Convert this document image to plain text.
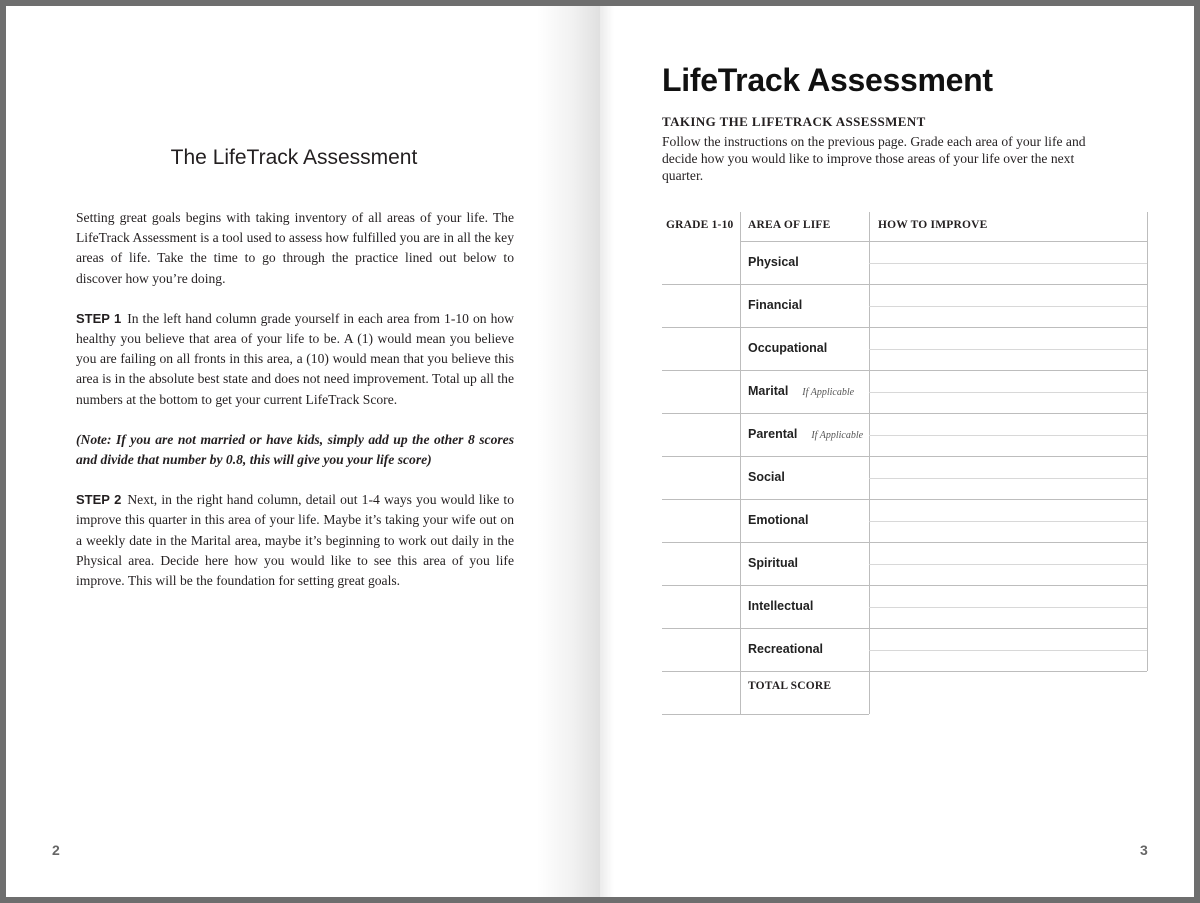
The LifeTrack Assessment

Setting great goals begins with taking inventory of all areas of your life. The LifeTrack Assessment is a tool used to assess how fulfilled you are in all the key areas of life. Take the time to go through the practice lined out below to discover how you’re doing.

STEP 1 In the left hand column grade yourself in each area from 1-10 on how healthy you believe that area of your life to be. A (1) would mean you believe you are failing on all fronts in this area, a (10) would mean that you believe this area is in the absolute best state and does not need improvement. Total up all the numbers at the bottom to get your current LifeTrack Score.

(Note: If you are not married or have kids, simply add up the other 8 scores and divide that number by 0.8, this will give you your life score)

STEP 2 Next, in the right hand column, detail out 1-4 ways you would like to improve this quarter in this area of your life. Maybe it’s taking your wife out on a weekly date in the Marital area, maybe it’s beginning to work out daily in the Physical area. Decide here how you would like to see this area of you life improve. This will be the foundation for setting great goals.

2
LifeTrack Assessment
TAKING THE LIFETRACK ASSESSMENT

Follow the instructions on the previous page. Grade each area of your life and decide how you would like to improve those areas of your life over the next quarter.

GRADE 1-10 AREA OF LIFE	HOW TO IMPROVE
TOTAL SCORE
Physical
Financial
Occupational
Marital If Applicable
Parental If Applicable
Social
Emotional
Spiritual
Intellectual
Recreational
3
